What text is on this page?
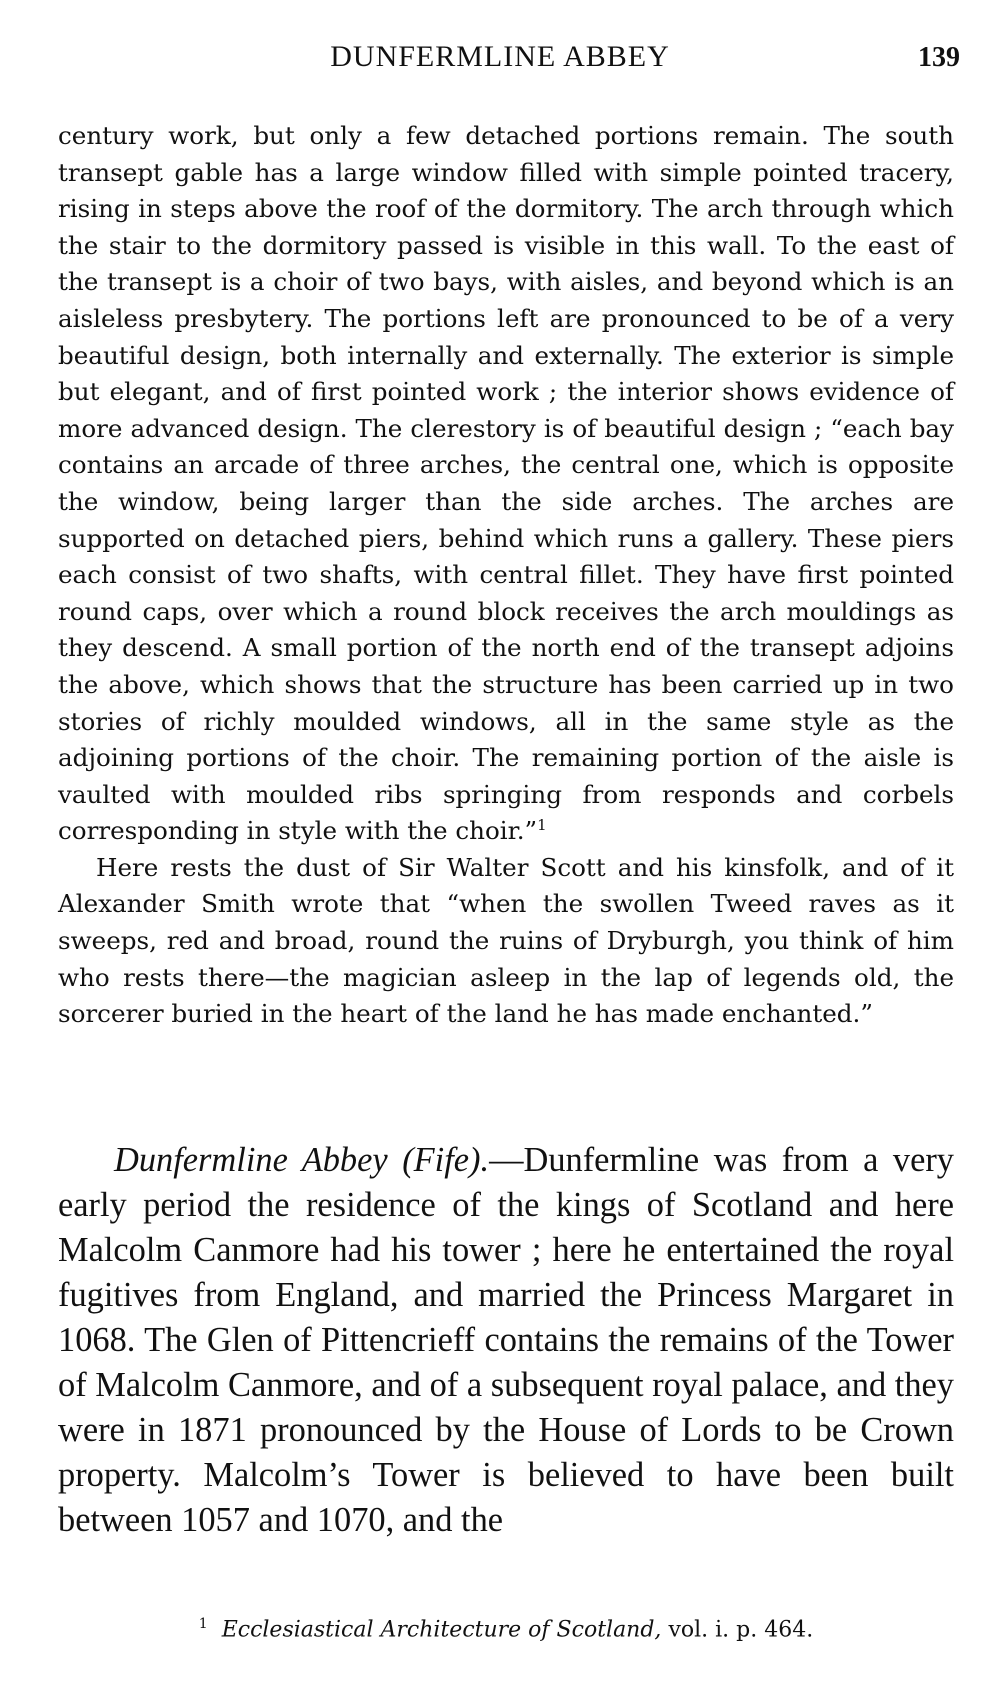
DUNFERMLINE ABBEY	139

century work, but only a few detached portions remain. The south transept gable has a large window filled with simple pointed tracery, rising in steps above the roof of the dormitory. The arch through which the stair to the dormitory passed is visible in this wall. To the east of the transept is a choir of two bays, with aisles, and beyond which is an aisleless presbytery. The portions left are pronounced to be of a very beautiful design, both internally and externally. The exterior is simple but elegant, and of first pointed work ; the interior shows evidence of more advanced design. The clerestory is of beautiful design ; “each bay contains an arcade of three arches, the central one, which is opposite the window, being larger than the side arches. The arches are supported on detached piers, behind which runs a gallery. These piers each consist of two shafts, with central fillet. They have first pointed round caps, over which a round block receives the arch mouldings as they descend. A small portion of the north end of the transept adjoins the above, which shows that the structure has been carried up in two stories of richly moulded windows, all in the same style as the adjoining portions of the choir. The remaining portion of the aisle is vaulted with moulded ribs springing from responds and corbels corresponding in style with the choir.”$^1$

Here rests the dust of Sir Walter Scott and his kinsfolk, and of it Alexander Smith wrote that “when the swollen Tweed raves as it sweeps, red and broad, round the ruins of Dryburgh, you think of him who rests there—the magician asleep in the lap of legends old, the sorcerer buried in the heart of the land he has made enchanted.”

Dunfermline Abbey (Fife).—Dunfermline was from a very early period the residence of the kings of Scotland and here Malcolm Canmore had his tower ; here he entertained the royal fugitives from England, and married the Princess Margaret in 1068. The Glen of Pittencrieff contains the remains of the Tower of Malcolm Canmore, and of a subsequent royal palace, and they were in 1871 pronounced by the House of Lords to be Crown property. Malcolm’s Tower is believed to have been built between 1057 and 1070, and the

$^1$ Ecclesiastical Architecture of Scotland, vol. i. p. 464.
